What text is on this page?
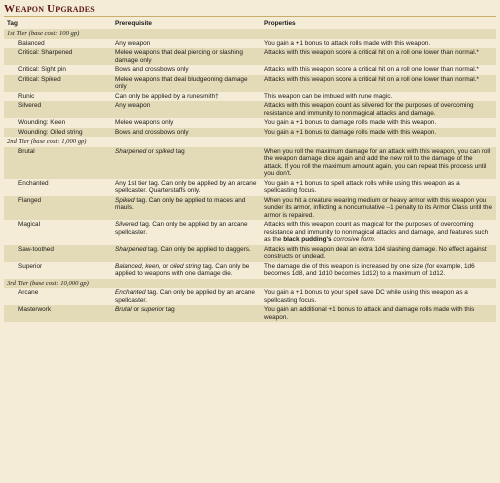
Weapon Upgrades
Tag	Prerequisite	Properties
1st Tier (base cost: 100 gp)		
Balanced	Any weapon	You gain a +1 bonus to attack rolls made with this weapon.
Critical: Sharpened	Melee weapons that deal piercing or slashing damage only	Attacks with this weapon score a critical hit on a roll one lower than normal.*
Critical: Sight pin	Bows and crossbows only	Attacks with this weapon score a critical hit on a roll one lower than normal.*
Critical: Spiked	Melee weapons that deal bludgeoning damage only	Attacks with this weapon score a critical hit on a roll one lower than normal.*
Runic	Can only be applied by a runesmith†	This weapon can be imbued with rune magic.
Silvered	Any weapon	Attacks with this weapon count as silvered for the purposes of overcoming resistance and immunity to nonmagical attacks and damage.
Wounding: Keen	Melee weapons only	You gain a +1 bonus to damage rolls made with this weapon.
Wounding: Oiled string	Bows and crossbows only	You gain a +1 bonus to damage rolls made with this weapon.
2nd Tier (base cost: 1,000 gp)		
Brutal	Sharpened or spiked tag	When you roll the maximum damage for an attack with this weapon, you can roll the weapon damage dice again and add the new roll to the damage of the attack. If you roll the maximum amount again, you can repeat this process until you don't.
Enchanted	Any 1st tier tag. Can only be applied by an arcane spellcaster. Quarterstaffs only.	You gain a +1 bonus to spell attack rolls while using this weapon as a spellcasting focus.
Flanged	Spiked tag. Can only be applied to maces and mauls.	When you hit a creature wearing medium or heavy armor with this weapon you sunder its armor, inflicting a noncumulative –1 penalty to its Armor Class until the armor is repaired.
Magical	Silvered tag. Can only be applied by an arcane spellcaster.	Attacks with this weapon count as magical for the purposes of overcoming resistance and immunity to nonmagical attacks and damage, and features such as the black pudding's corrosive form.
Saw-toothed	Sharpened tag. Can only be applied to daggers.	Attacks with this weapon deal an extra 1d4 slashing damage. No effect against constructs or undead.
Superior	Balanced, keen, or oiled string tag. Can only be applied to weapons with one damage die.	The damage die of this weapon is increased by one size (for example, 1d6 becomes 1d8, and 1d10 becomes 1d12) to a maximum of 1d12.
3rd Tier (base cost: 10,000 gp)		
Arcane	Enchanted tag. Can only be applied by an arcane spellcaster.	You gain a +1 bonus to your spell save DC while using this weapon as a spellcasting focus.
Masterwork	Brutal or superior tag	You gain an additional +1 bonus to attack and damage rolls made with this weapon.
